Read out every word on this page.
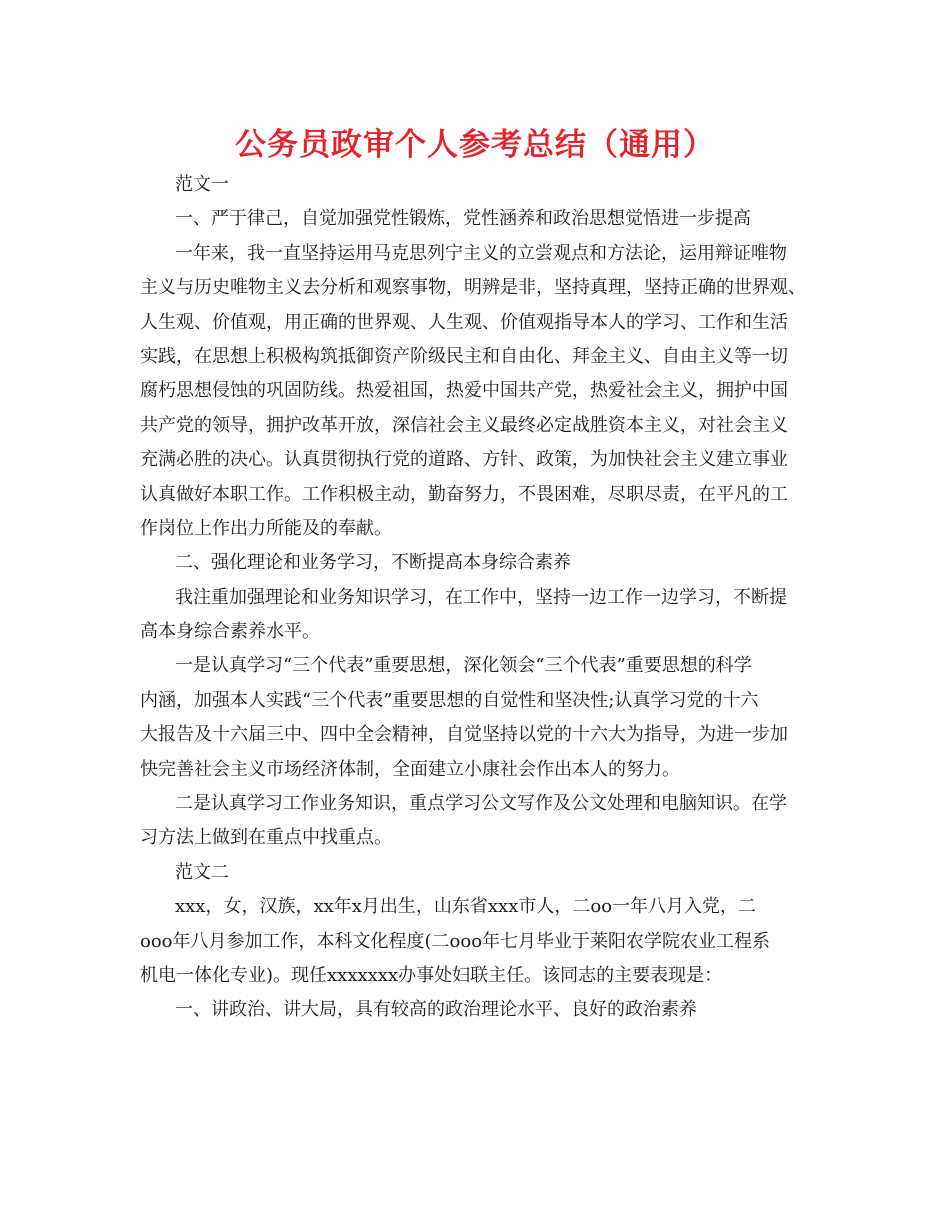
公务员政审个人参考总结（通用）
范文一
一、严于律己，自觉加强党性锻炼，党性涵养和政治思想觉悟进一步提高
一年来，我一直坚持运用马克思列宁主义的立尝观点和方法论，运用辩证唯物
主义与历史唯物主义去分析和观察事物，明辨是非，坚持真理，坚持正确的世界观、
人生观、价值观，用正确的世界观、人生观、价值观指导本人的学习、工作和生活
实践，在思想上积极构筑抵御资产阶级民主和自由化、拜金主义、自由主义等一切
腐朽思想侵蚀的巩固防线。热爱祖国，热爱中国共产党，热爱社会主义，拥护中国
共产党的领导，拥护改革开放，深信社会主义最终必定战胜资本主义，对社会主义
充满必胜的决心。认真贯彻执行党的道路、方针、政策，为加快社会主义建立事业
认真做好本职工作。工作积极主动，勤奋努力，不畏困难，尽职尽责，在平凡的工
作岗位上作出力所能及的奉献。
二、强化理论和业务学习，不断提高本身综合素养
我注重加强理论和业务知识学习，在工作中，坚持一边工作一边学习，不断提
高本身综合素养水平。
一是认真学习“三个代表”重要思想，深化领会“三个代表”重要思想的科学
内涵，加强本人实践“三个代表”重要思想的自觉性和坚决性;认真学习党的十六
大报告及十六届三中、四中全会精神，自觉坚持以党的十六大为指导，为进一步加
快完善社会主义市场经济体制，全面建立小康社会作出本人的努力。
二是认真学习工作业务知识，重点学习公文写作及公文处理和电脑知识。在学
习方法上做到在重点中找重点。
范文二
xxx，女，汉族，xx年x月出生，山东省xxx市人，二oo一年八月入党，二
ooo年八月参加工作，本科文化程度(二ooo年七月毕业于莱阳农学院农业工程系
机电一体化专业)。现任xxxxxxx办事处妇联主任。该同志的主要表现是：
一、讲政治、讲大局，具有较高的政治理论水平、良好的政治素养
